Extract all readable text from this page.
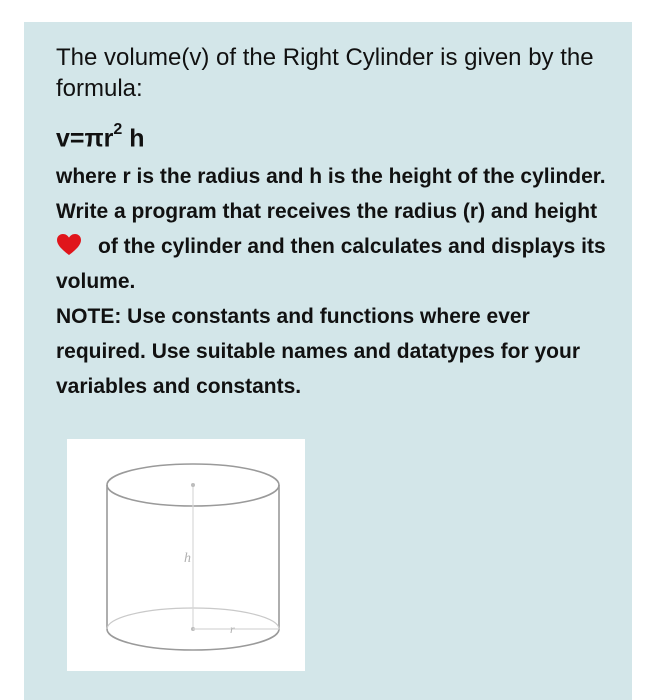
The volume(v) of the Right Cylinder is given by the formula:
$v=\pi r^2$ h
where r is the radius and h is the height of the cylinder.
Write a program that receives the radius (r) and heightof the cylinder and then calculates and displays its volume.
NOTE: Use constants and functions where ever required. Use suitable names and datatypes for your variables and constants.
h
r
